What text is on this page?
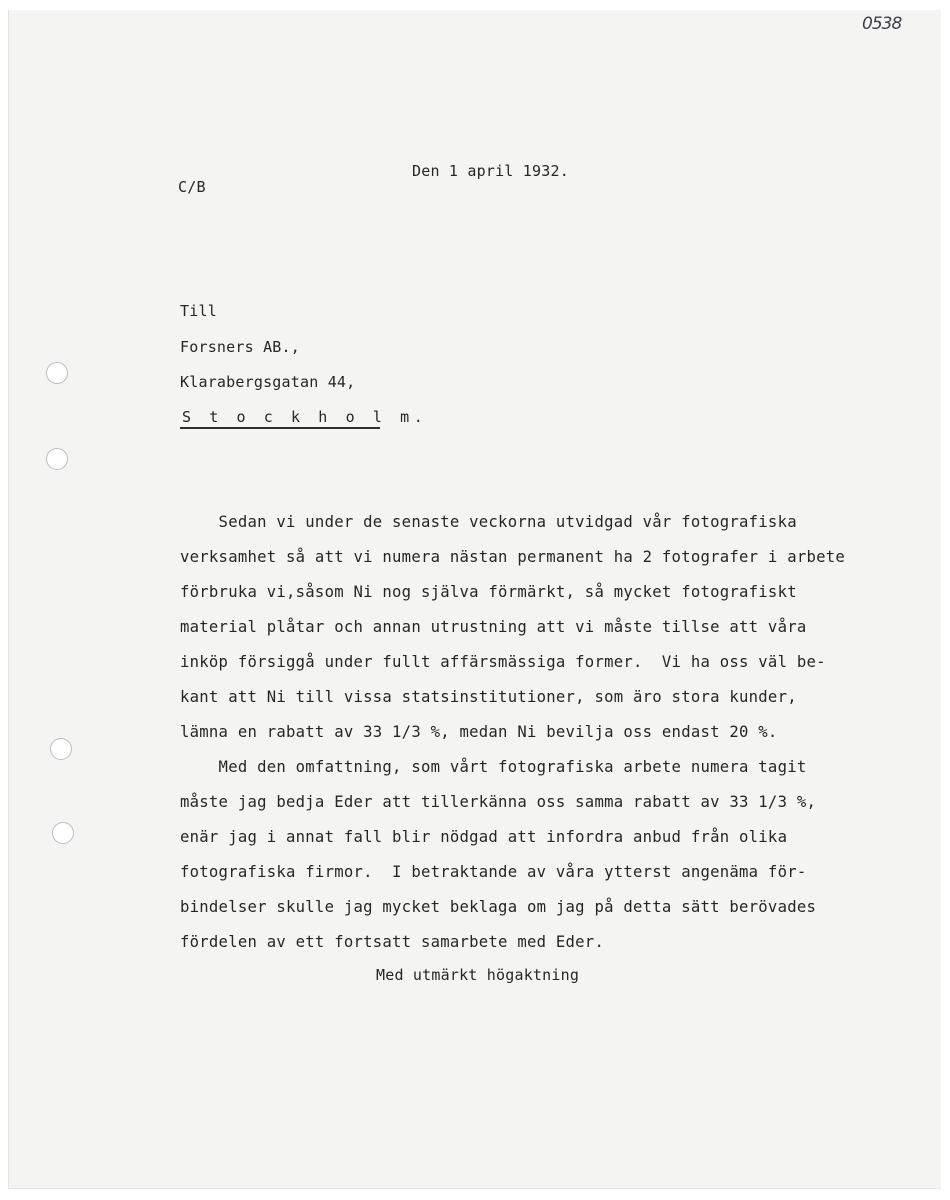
0538
Den 1 april 1932.
C/B
Till
Forsners AB.,
Klarabergsgatan 44,
S t o c k h o l m.
Sedan vi under de senaste veckorna utvidgad vår fotografiska
verksamhet så att vi numera nästan permanent ha 2 fotografer i arbete
förbruka vi,såsom Ni nog själva förmärkt, så mycket fotografiskt
material plåtar och annan utrustning att vi måste tillse att våra
inköp försiggå under fullt affärsmässiga former.  Vi ha oss väl be-
kant att Ni till vissa statsinstitutioner, som äro stora kunder,
lämna en rabatt av 33 1/3 %, medan Ni bevilja oss endast 20 %.
Med den omfattning, som vårt fotografiska arbete numera tagit
måste jag bedja Eder att tillerkänna oss samma rabatt av 33 1/3 %,
enär jag i annat fall blir nödgad att infordra anbud från olika
fotografiska firmor.  I betraktande av våra ytterst angenäma för-
bindelser skulle jag mycket beklaga om jag på detta sätt berövades
fördelen av ett fortsatt samarbete med Eder.
Med utmärkt högaktning
